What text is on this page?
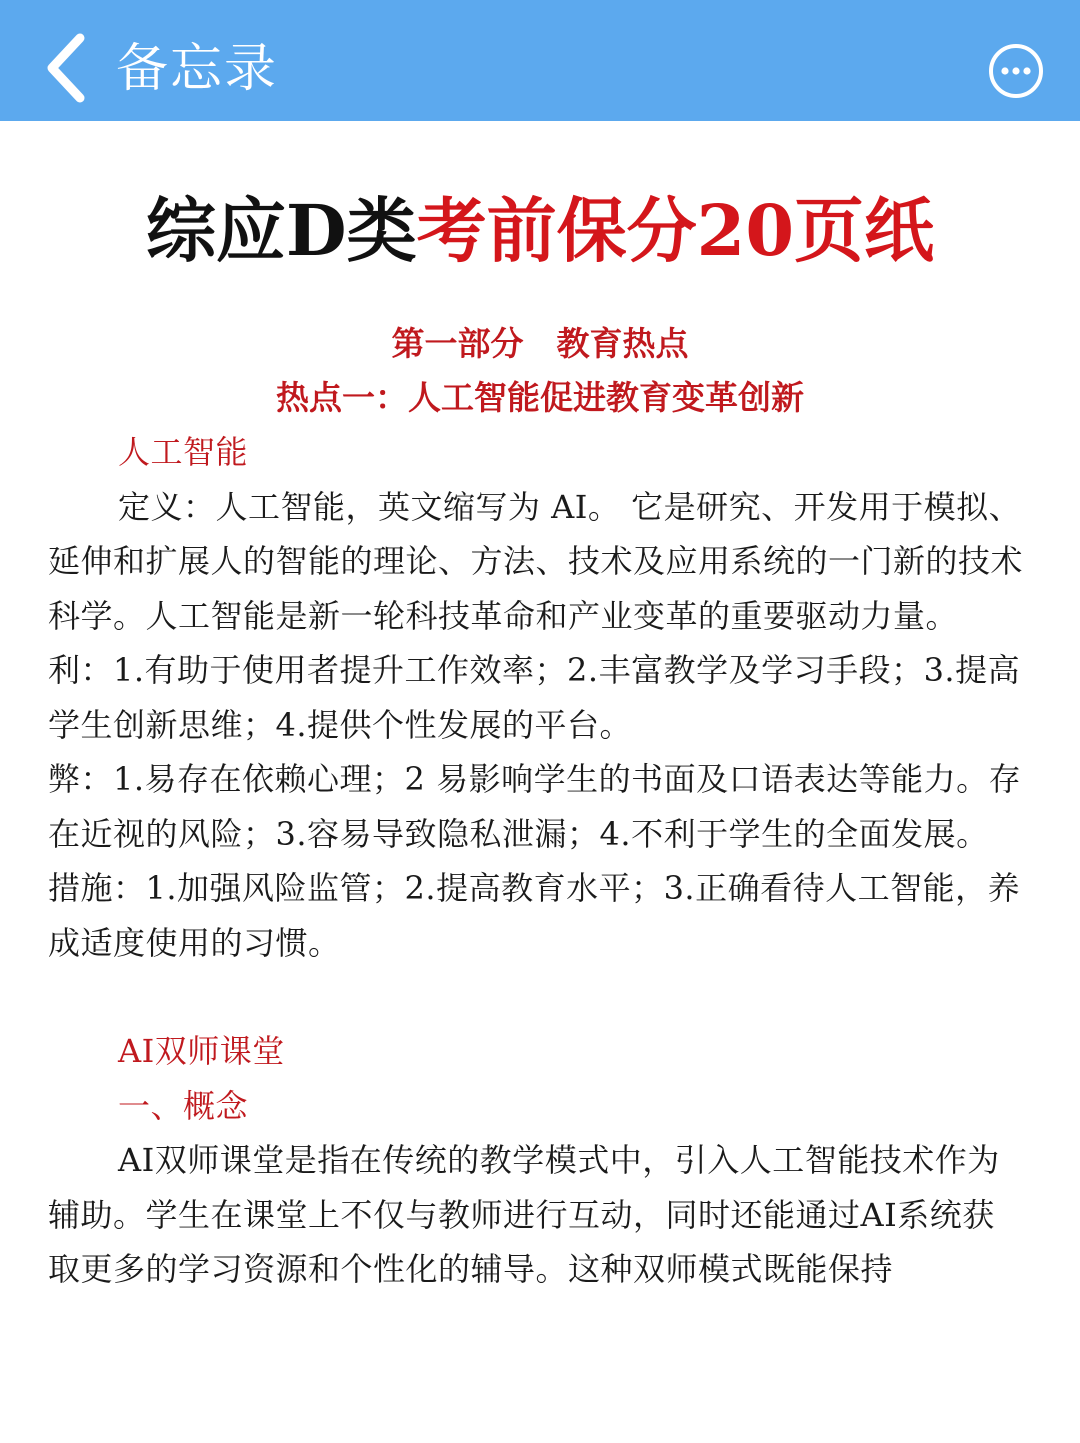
备忘录
综应D类考前保分20页纸
第一部分　教育热点
热点一：人工智能促进教育变革创新

人工智能

定义：人工智能，英文缩写为 AI。 它是研究、开发用于模拟、延伸和扩展人的智能的理论、方法、技术及应用系统的一门新的技术科学。人工智能是新一轮科技革命和产业变革的重要驱动力量。

利：1.有助于使用者提升工作效率；2.丰富教学及学习手段；3.提高学生创新思维；4.提供个性发展的平台。

弊：1.易存在依赖心理；2 易影响学生的书面及口语表达等能力。存在近视的风险；3.容易导致隐私泄漏；4.不利于学生的全面发展。

措施：1.加强风险监管；2.提高教育水平；3.正确看待人工智能，养成适度使用的习惯。

AI双师课堂

一、概念

AI双师课堂是指在传统的教学模式中，引入人工智能技术作为辅助。学生在课堂上不仅与教师进行互动，同时还能通过AI系统获取更多的学习资源和个性化的辅导。这种双师模式既能保持
